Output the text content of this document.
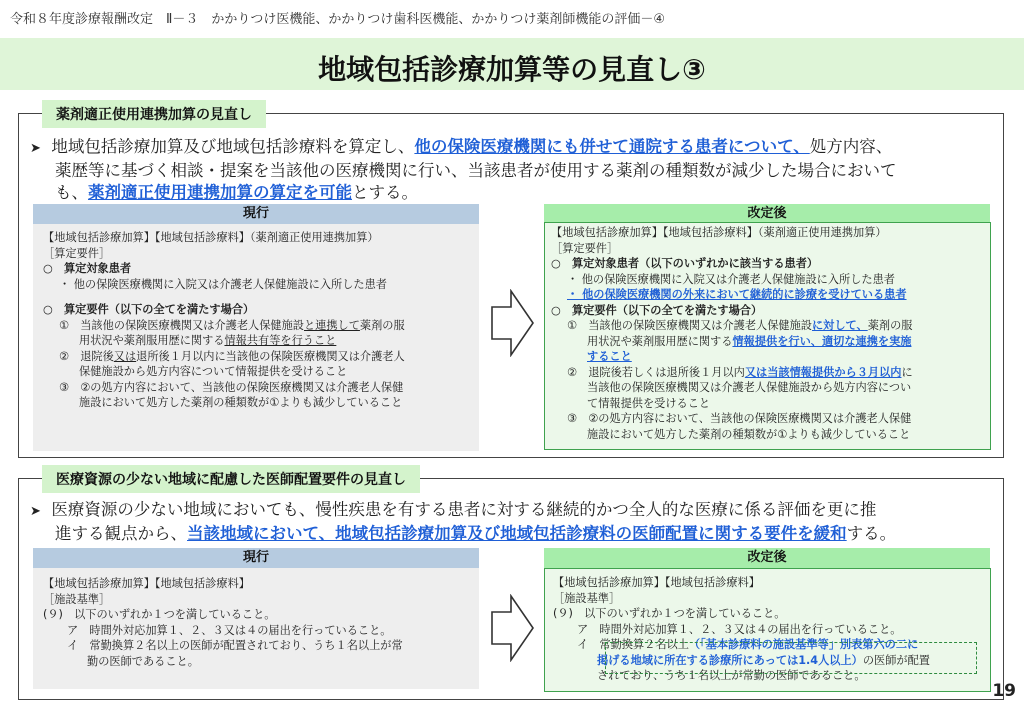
令和８年度診療報酬改定　Ⅱ－３　かかりつけ医機能、かかりつけ歯科医機能、かかりつけ薬剤師機能の評価－④
地域包括診療加算等の見直し③
薬剤適正使用連携加算の見直し
➤ 地域包括診療加算及び地域包括診療料を算定し、他の保険医療機関にも併せて通院する患者について、処方内容、
薬歴等に基づく相談・提案を当該他の医療機関に行い、当該患者が使用する薬剤の種類数が減少した場合において
も、薬剤適正使用連携加算の算定を可能とする。
現行
【地域包括診療加算】【地域包括診療料】（薬剤適正使用連携加算）
［算定要件］
○　算定対象患者
・ 他の保険医療機関に入院又は介護老人保健施設に入所した患者
○　算定要件（以下の全てを満たす場合）
①　当該他の保険医療機関又は介護老人保健施設と連携して薬剤の服
用状況や薬剤服用歴に関する情報共有等を行うこと
②　退院後又は退所後１月以内に当該他の保険医療機関又は介護老人
保健施設から処方内容について情報提供を受けること
③　②の処方内容において、当該他の保険医療機関又は介護老人保健
施設において処方した薬剤の種類数が①よりも減少していること
改定後
【地域包括診療加算】【地域包括診療料】（薬剤適正使用連携加算）
［算定要件］
○　算定対象患者（以下のいずれかに該当する患者）
・ 他の保険医療機関に入院又は介護老人保健施設に入所した患者
・ 他の保険医療機関の外来において継続的に診療を受けている患者
○　算定要件（以下の全てを満たす場合）
①　当該他の保険医療機関又は介護老人保健施設に対して、薬剤の服
用状況や薬剤服用歴に関する情報提供を行い、適切な連携を実施
すること
②　退院後若しくは退所後１月以内又は当該情報提供から３月以内に
当該他の保険医療機関又は介護老人保健施設から処方内容につい
て情報提供を受けること
③　②の処方内容において、当該他の保険医療機関又は介護老人保健
施設において処方した薬剤の種類数が①よりも減少していること
医療資源の少ない地域に配慮した医師配置要件の見直し
➤ 医療資源の少ない地域においても、慢性疾患を有する患者に対する継続的かつ全人的な医療に係る評価を更に推
進する観点から、当該地域において、地域包括診療加算及び地域包括診療料の医師配置に関する要件を緩和する。
現行
【地域包括診療加算】【地域包括診療料】
［施設基準］
(９)　以下のいずれか１つを満していること。
ア　時間外対応加算１、２、３又は４の届出を行っていること。
イ　常勤換算２名以上の医師が配置されており、うち１名以上が常
勤の医師であること。
改定後
【地域包括診療加算】【地域包括診療料】
［施設基準］
(９)　以下のいずれか１つを満していること。
ア　時間外対応加算１、２、３又は４の届出を行っていること。
イ　常勤換算２名以上（「基本診療料の施設基準等」別表第六の二に
掲げる地域に所在する診療所にあっては1.4人以上）の医師が配置
されており、うち１名以上が常勤の医師であること。
19
